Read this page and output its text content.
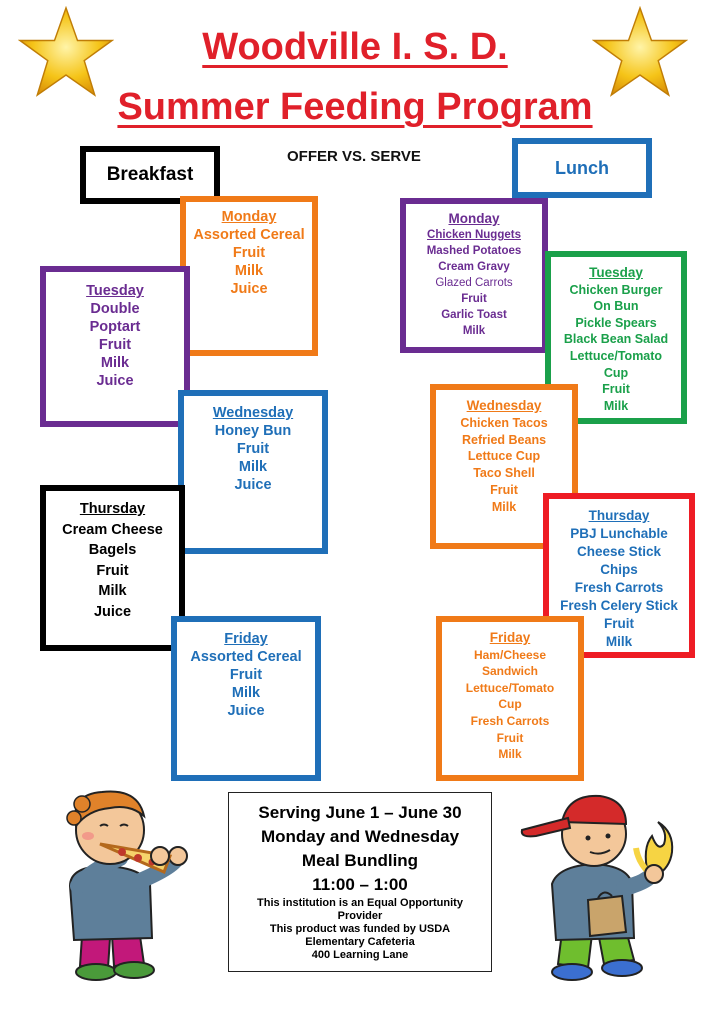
Woodville I. S. D.
Summer Feeding Program
OFFER VS. SERVE
Breakfast
Monday
Assorted Cereal
Fruit
Milk
Juice
Tuesday
Double
Poptart
Fruit
Milk
Juice
Wednesday
Honey Bun
Fruit
Milk
Juice
Thursday
Cream Cheese
Bagels
Fruit
Milk
Juice
Friday
Assorted Cereal
Fruit
Milk
Juice
Lunch
Monday
Chicken Nuggets
Mashed Potatoes
Cream Gravy
Glazed Carrots
Fruit
Garlic Toast
Milk
Tuesday
Chicken Burger
On Bun
Pickle Spears
Black Bean Salad
Lettuce/Tomato
Cup
Fruit
Milk
Wednesday
Chicken Tacos
Refried Beans
Lettuce Cup
Taco Shell
Fruit
Milk
Thursday
PBJ Lunchable
Cheese Stick
Chips
Fresh Carrots
Fresh Celery Stick
Fruit
Milk
Friday
Ham/Cheese
Sandwich
Lettuce/Tomato
Cup
Fresh Carrots
Fruit
Milk
Serving June 1 – June 30
Monday and Wednesday
Meal Bundling
11:00 – 1:00
This institution is an Equal Opportunity
Provider
This product was funded by USDA
Elementary Cafeteria
400 Learning Lane
